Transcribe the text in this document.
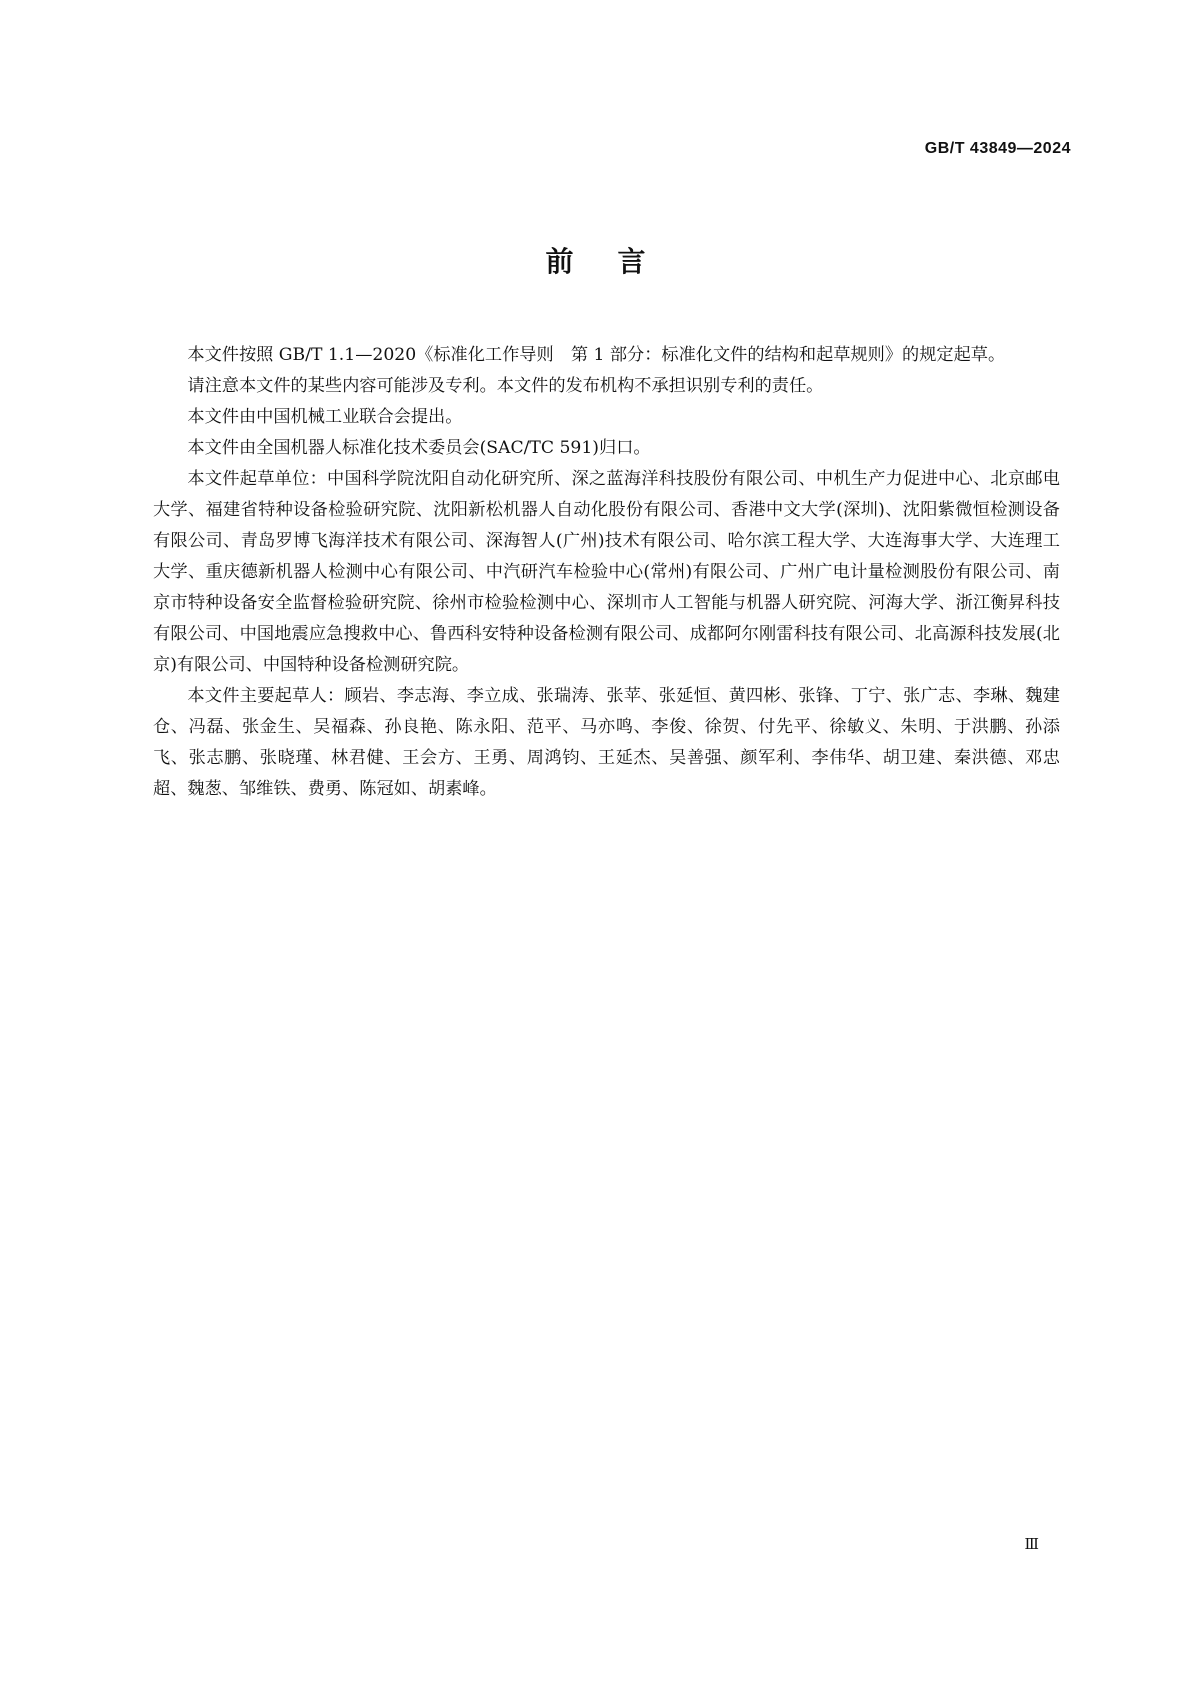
GB/T 43849—2024
前言

本文件按照 GB/T 1.1—2020《标准化工作导则　第 1 部分：标准化文件的结构和起草规则》的规定起草。

请注意本文件的某些内容可能涉及专利。本文件的发布机构不承担识别专利的责任。

本文件由中国机械工业联合会提出。

本文件由全国机器人标准化技术委员会(SAC/TC 591)归口。

本文件起草单位：中国科学院沈阳自动化研究所、深之蓝海洋科技股份有限公司、中机生产力促进中心、北京邮电大学、福建省特种设备检验研究院、沈阳新松机器人自动化股份有限公司、香港中文大学(深圳)、沈阳紫微恒检测设备有限公司、青岛罗博飞海洋技术有限公司、深海智人(广州)技术有限公司、哈尔滨工程大学、大连海事大学、大连理工大学、重庆德新机器人检测中心有限公司、中汽研汽车检验中心(常州)有限公司、广州广电计量检测股份有限公司、南京市特种设备安全监督检验研究院、徐州市检验检测中心、深圳市人工智能与机器人研究院、河海大学、浙江衡昇科技有限公司、中国地震应急搜救中心、鲁西科安特种设备检测有限公司、成都阿尔刚雷科技有限公司、北高源科技发展(北京)有限公司、中国特种设备检测研究院。

本文件主要起草人：顾岩、李志海、李立成、张瑞涛、张苹、张延恒、黄四彬、张锋、丁宁、张广志、李琳、魏建仓、冯磊、张金生、吴福森、孙良艳、陈永阳、范平、马亦鸣、李俊、徐贺、付先平、徐敏义、朱明、于洪鹏、孙添飞、张志鹏、张晓瑾、林君健、王会方、王勇、周鸿钧、王延杰、吴善强、颜军利、李伟华、胡卫建、秦洪德、邓忠超、魏葱、邹维铁、费勇、陈冠如、胡素峰。

Ⅲ
